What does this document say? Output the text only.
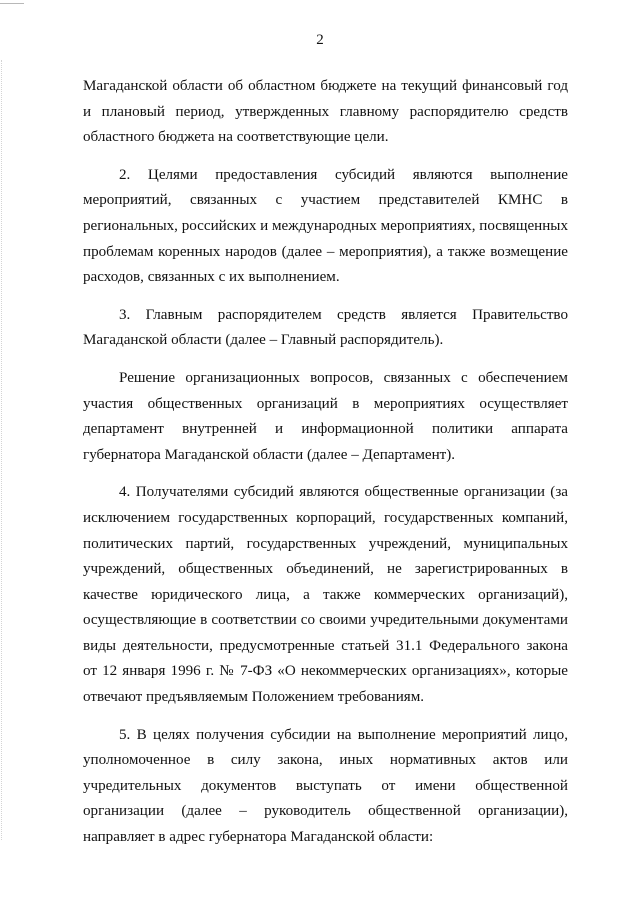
2

Магаданской области об областном бюджете на текущий финансовый год и плановый период, утвержденных главному распорядителю средств областного бюджета на соответствующие цели.

2. Целями предоставления субсидий являются выполнение мероприятий, связанных с участием представителей КМНС в региональных, российских и международных мероприятиях, посвященных проблемам коренных народов (далее – мероприятия), а также возмещение расходов, связанных с их выполнением.

3. Главным распорядителем средств является Правительство Магаданской области (далее – Главный распорядитель).

Решение организационных вопросов, связанных с обеспечением участия общественных организаций в мероприятиях осуществляет департамент внутренней и информационной политики аппарата губернатора Магаданской области (далее – Департамент).

4. Получателями субсидий являются общественные организации (за исключением государственных корпораций, государственных компаний, политических партий, государственных учреждений, муниципальных учреждений, общественных объединений, не зарегистрированных в качестве юридического лица, а также коммерческих организаций), осуществляющие в соответствии со своими учредительными документами виды деятельности, предусмотренные статьей 31.1 Федерального закона от 12 января 1996 г. № 7-ФЗ «О некоммерческих организациях», которые отвечают предъявляемым Положением требованиям.

5. В целях получения субсидии на выполнение мероприятий лицо, уполномоченное в силу закона, иных нормативных актов или учредительных документов выступать от имени общественной организации (далее – руководитель общественной организации), направляет в адрес губернатора Магаданской области:
